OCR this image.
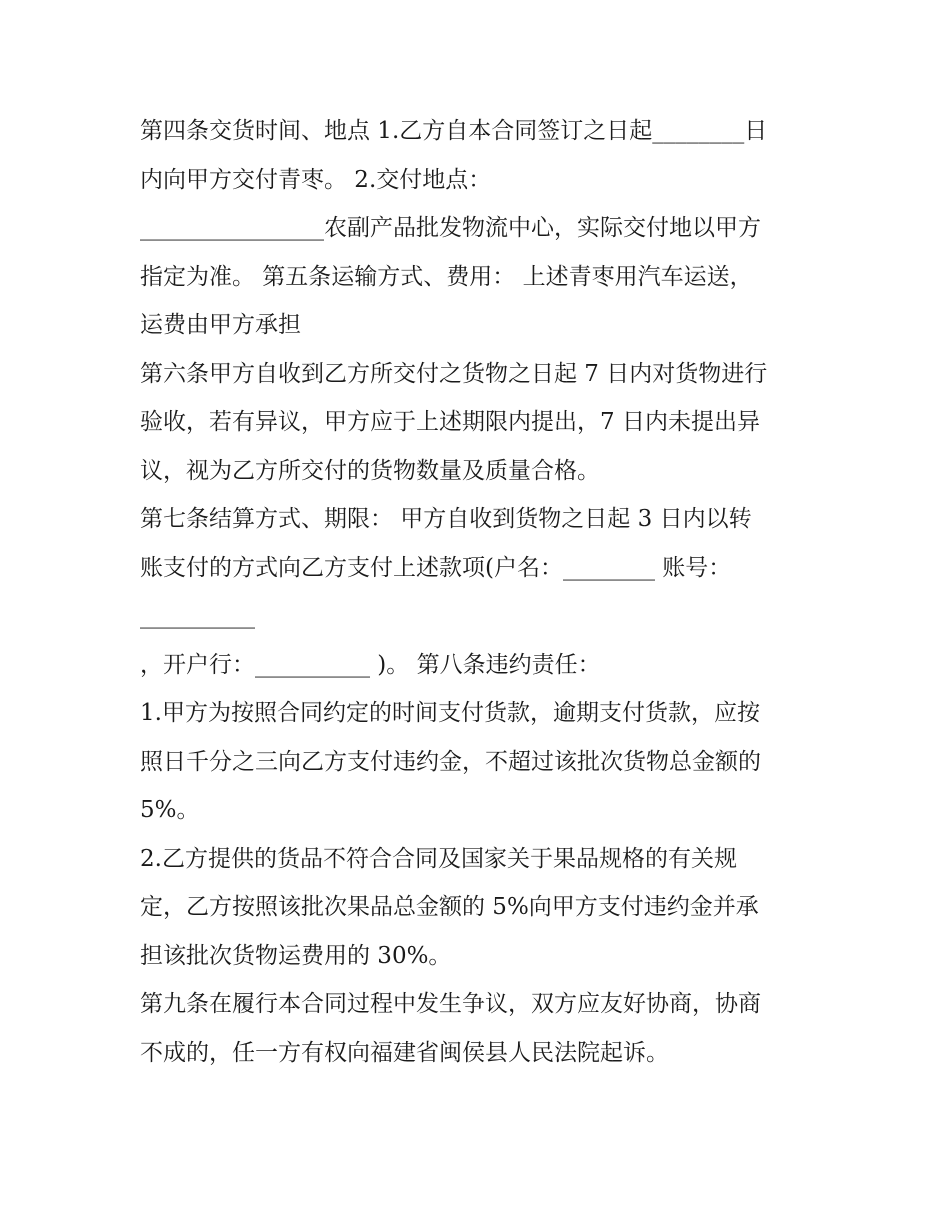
第四条交货时间、地点 1.乙方自本合同签订之日起________日
内向甲方交付青枣。 2.交付地点：
________________农副产品批发物流中心，实际交付地以甲方
指定为准。 第五条运输方式、费用： 上述青枣用汽车运送，
运费由甲方承担
第六条甲方自收到乙方所交付之货物之日起 7 日内对货物进行
验收，若有异议，甲方应于上述期限内提出，7 日内未提出异
议，视为乙方所交付的货物数量及质量合格。
第七条结算方式、期限： 甲方自收到货物之日起 3 日内以转
账支付的方式向乙方支付上述款项(户名：________ 账号：
__________
，开户行：__________ )。 第八条违约责任：
1.甲方为按照合同约定的时间支付货款，逾期支付货款，应按
照日千分之三向乙方支付违约金，不超过该批次货物总金额的
5%。
2.乙方提供的货品不符合合同及国家关于果品规格的有关规
定，乙方按照该批次果品总金额的 5%向甲方支付违约金并承
担该批次货物运费用的 30%。
第九条在履行本合同过程中发生争议，双方应友好协商，协商
不成的，任一方有权向福建省闽侯县人民法院起诉。
